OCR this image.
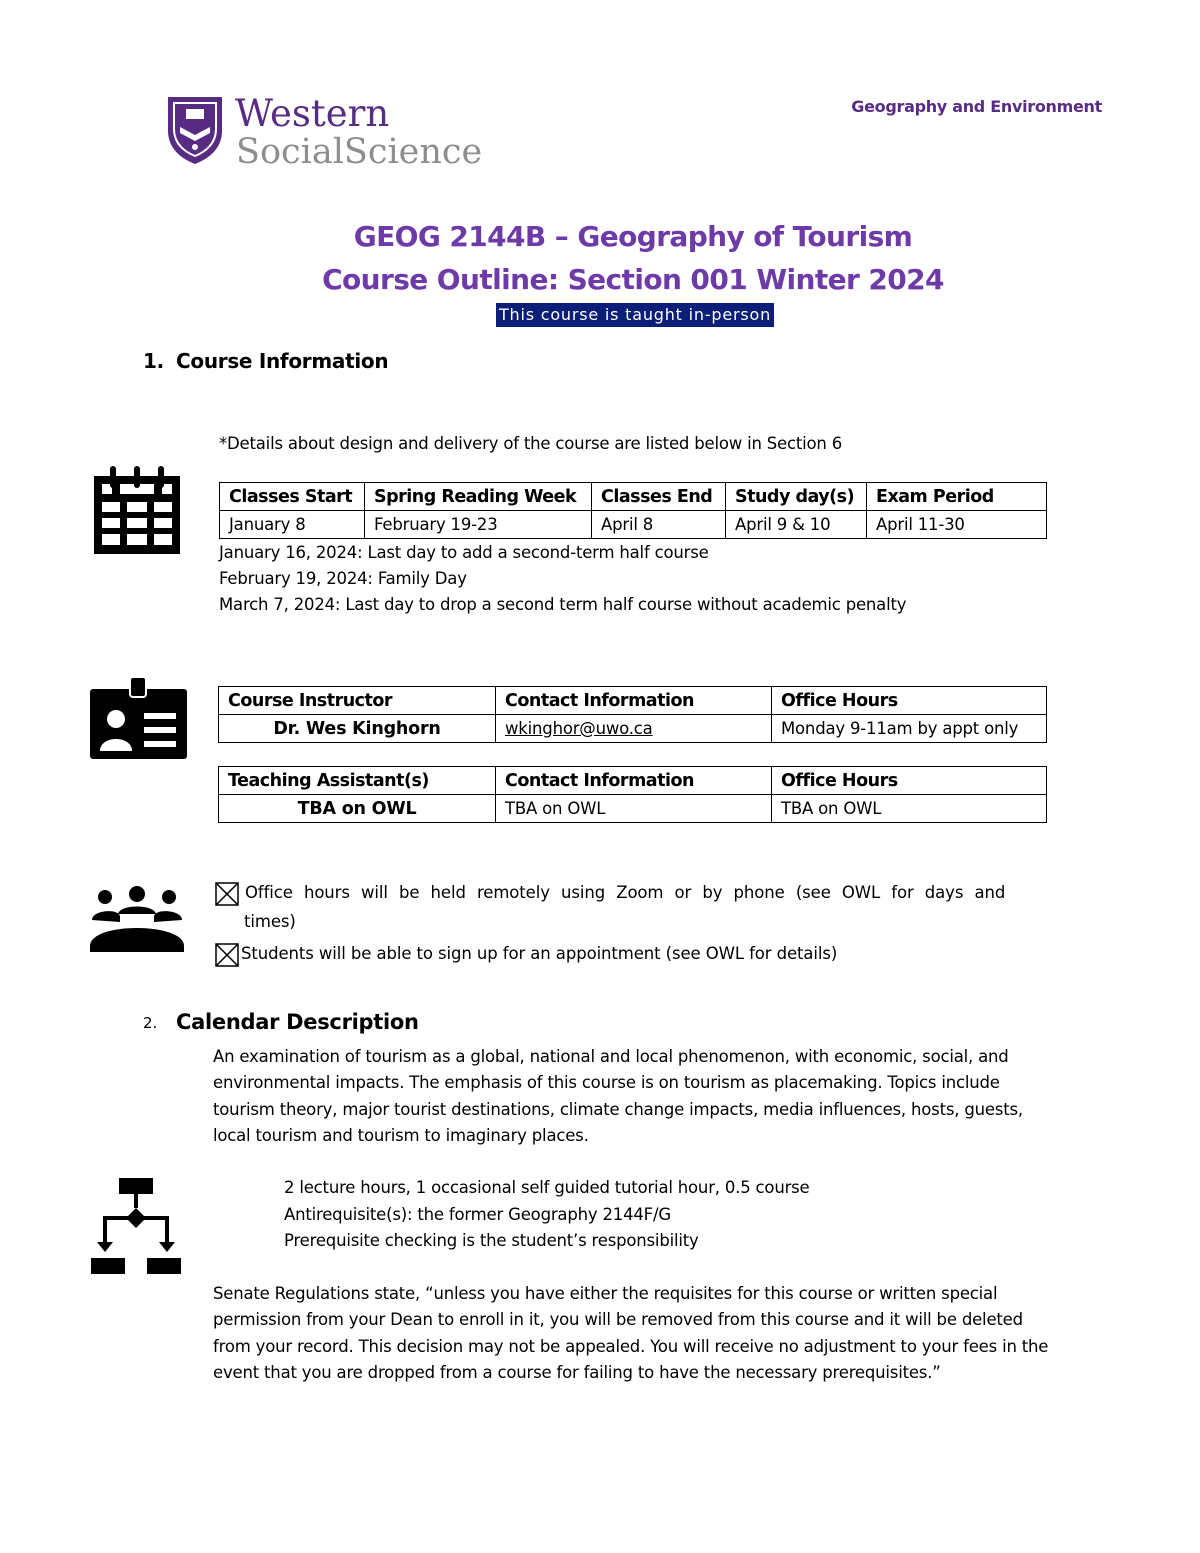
Western
SocialScience
Geography and Environment
GEOG 2144B – Geography of Tourism
Course Outline: Section 001 Winter 2024
This course is taught in-person
1. Course Information
*Details about design and delivery of the course are listed below in Section 6
Classes Start	Spring Reading Week	Classes End	Study day(s)	Exam Period
January 8	February 19-23	April 8	April 9 & 10	April 11-30
January 16, 2024: Last day to add a second-term half course
February 19, 2024: Family Day
March 7, 2024: Last day to drop a second term half course without academic penalty
Course Instructor	Contact Information	Office Hours
Dr. Wes Kinghorn	wkinghor@uwo.ca	Monday 9-11am by appt only
Teaching Assistant(s)	Contact Information	Office Hours
TBA on OWL	TBA on OWL	TBA on OWL
Office hours will be held remotely using Zoom or by phone (see OWL for days and
times)
Students will be able to sign up for an appointment (see OWL for details)
2. Calendar Description
An examination of tourism as a global, national and local phenomenon, with economic, social, and environmental impacts. The emphasis of this course is on tourism as placemaking. Topics include tourism theory, major tourist destinations, climate change impacts, media influences, hosts, guests, local tourism and tourism to imaginary places.
2 lecture hours, 1 occasional self guided tutorial hour, 0.5 course
Antirequisite(s): the former Geography 2144F/G
Prerequisite checking is the student’s responsibility
Senate Regulations state, “unless you have either the requisites for this course or written special permission from your Dean to enroll in it, you will be removed from this course and it will be deleted from your record. This decision may not be appealed. You will receive no adjustment to your fees in the event that you are dropped from a course for failing to have the necessary prerequisites.”
